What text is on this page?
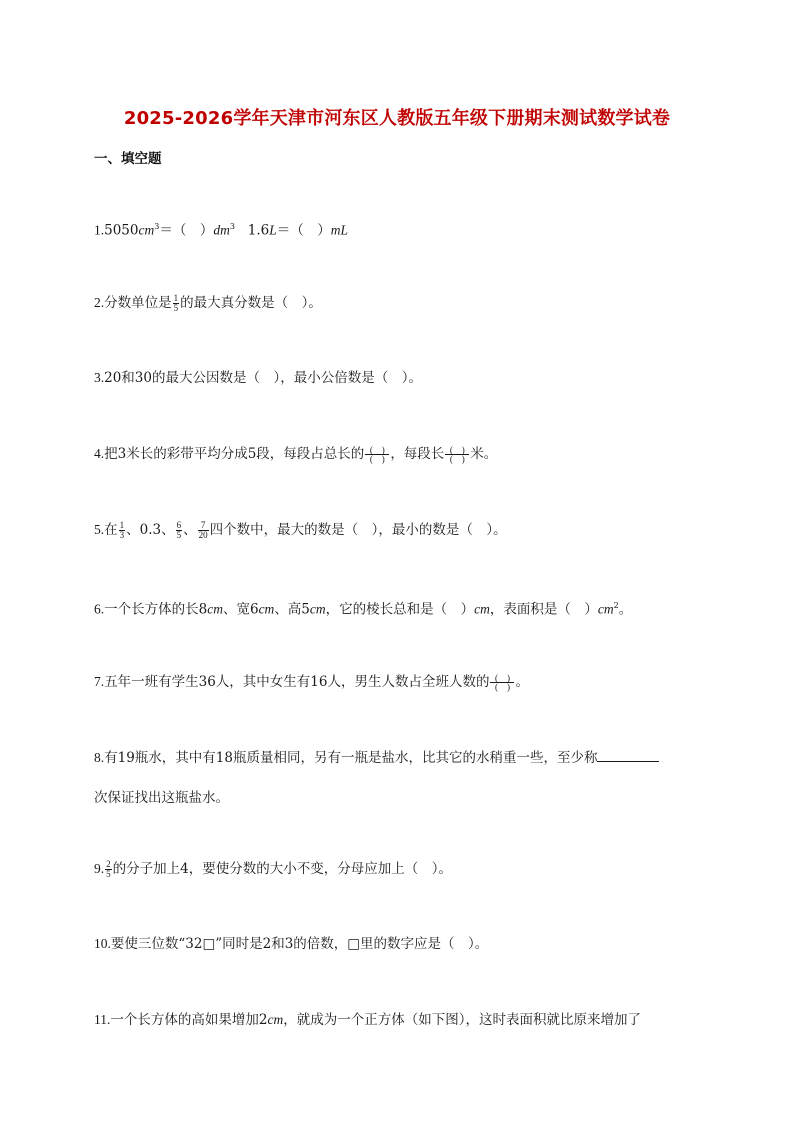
2025-2026学年天津市河东区人教版五年级下册期末测试数学试卷
一、填空题
$1.5050cm^3=$（　）$dm^3$ 1.6L＝（　）mL
2.分数单位是 $\frac{1}{5}$ 的最大真分数是（　）。
3.20和30的最大公因数是（　），最小公倍数是（　）。
4.把3米长的彩带平均分成5段，每段占总长的 (　)
(　) ，每段长 (　)
(　) 米。
5.在 $\frac{1}{3}$ 、0.3、 $\frac{6}{5}$ 、 $\frac{7}{20}$ 四个数中，最大的数是（　），最小的数是（　）。
6.一个长方体的长8cm、宽6cm、高5cm，它的棱长总和是（　）cm，表面积是（　）$cm^2$。
7.五年一班有学生36人，其中女生有16人，男生人数占全班人数的 (　)
(　) 。
8.有19瓶水，其中有18瓶质量相同，另有一瓶是盐水，比其它的水稍重一些，至少称
次保证找出这瓶盐水。
9. $\frac{2}{5}$ 的分子加上4，要使分数的大小不变，分母应加上（　）。
10.要使三位数“32□”同时是2和3的倍数，□里的数字应是（　）。
11.一个长方体的高如果增加2cm，就成为一个正方体（如下图），这时表面积就比原来增加了
